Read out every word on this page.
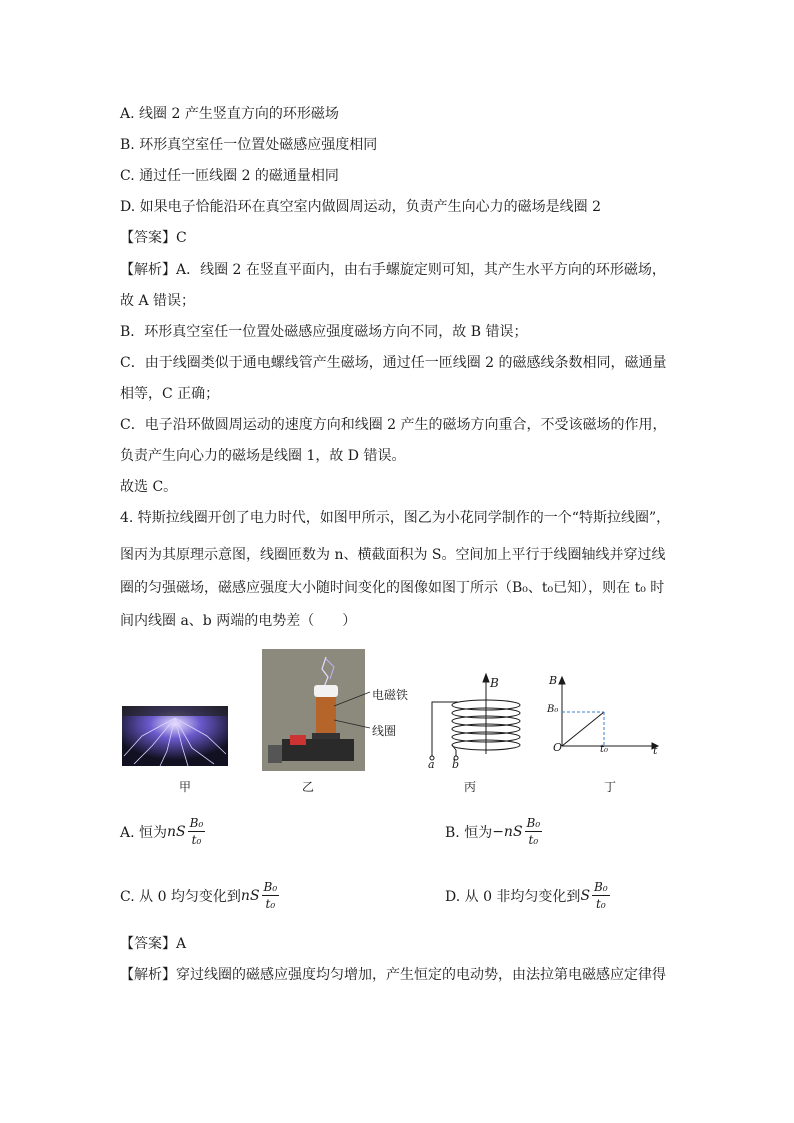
A. 线圈 2 产生竖直方向的环形磁场
B. 环形真空室任一位置处磁感应强度相同
C. 通过任一匝线圈 2 的磁通量相同
D. 如果电子恰能沿环在真空室内做圆周运动，负责产生向心力的磁场是线圈 2
【答案】C
【解析】A．线圈 2 在竖直平面内，由右手螺旋定则可知，其产生水平方向的环形磁场，
故 A 错误；
B．环形真空室任一位置处磁感应强度磁场方向不同，故 B 错误；
C．由于线圈类似于通电螺线管产生磁场，通过任一匝线圈 2 的磁感线条数相同，磁通量
相等，C 正确；
C．电子沿环做圆周运动的速度方向和线圈 2 产生的磁场方向重合，不受该磁场的作用，
负责产生向心力的磁场是线圈 1，故 D 错误。
故选 C。
4. 特斯拉线圈开创了电力时代，如图甲所示，图乙为小花同学制作的一个“特斯拉线圈”，
图丙为其原理示意图，线圈匝数为 n、横截面积为 S。空间加上平行于线圈轴线并穿过线
圈的匀强磁场，磁感应强度大小随时间变化的图像如图丁所示（B₀、t₀已知），则在 t₀ 时
间内线圈 a、b 两端的电势差（　　）
甲
电磁铁
线圈
乙
B
a b
丙
B
B₀
O	t₀	t
丁
A. 恒为 nS $\frac{\text{B₀}}{\text{t₀}}$	B. 恒为 $-nS \frac{\text{B₀}}{\text{t₀}}$
C. 从 0 均匀变化到 nS $\frac{\text{B₀}}{\text{t₀}}$	D. 从 0 非均匀变化到 S $\frac{\text{B₀}}{\text{t₀}}$
【答案】A
【解析】穿过线圈的磁感应强度均匀增加，产生恒定的电动势，由法拉第电磁感应定律得
